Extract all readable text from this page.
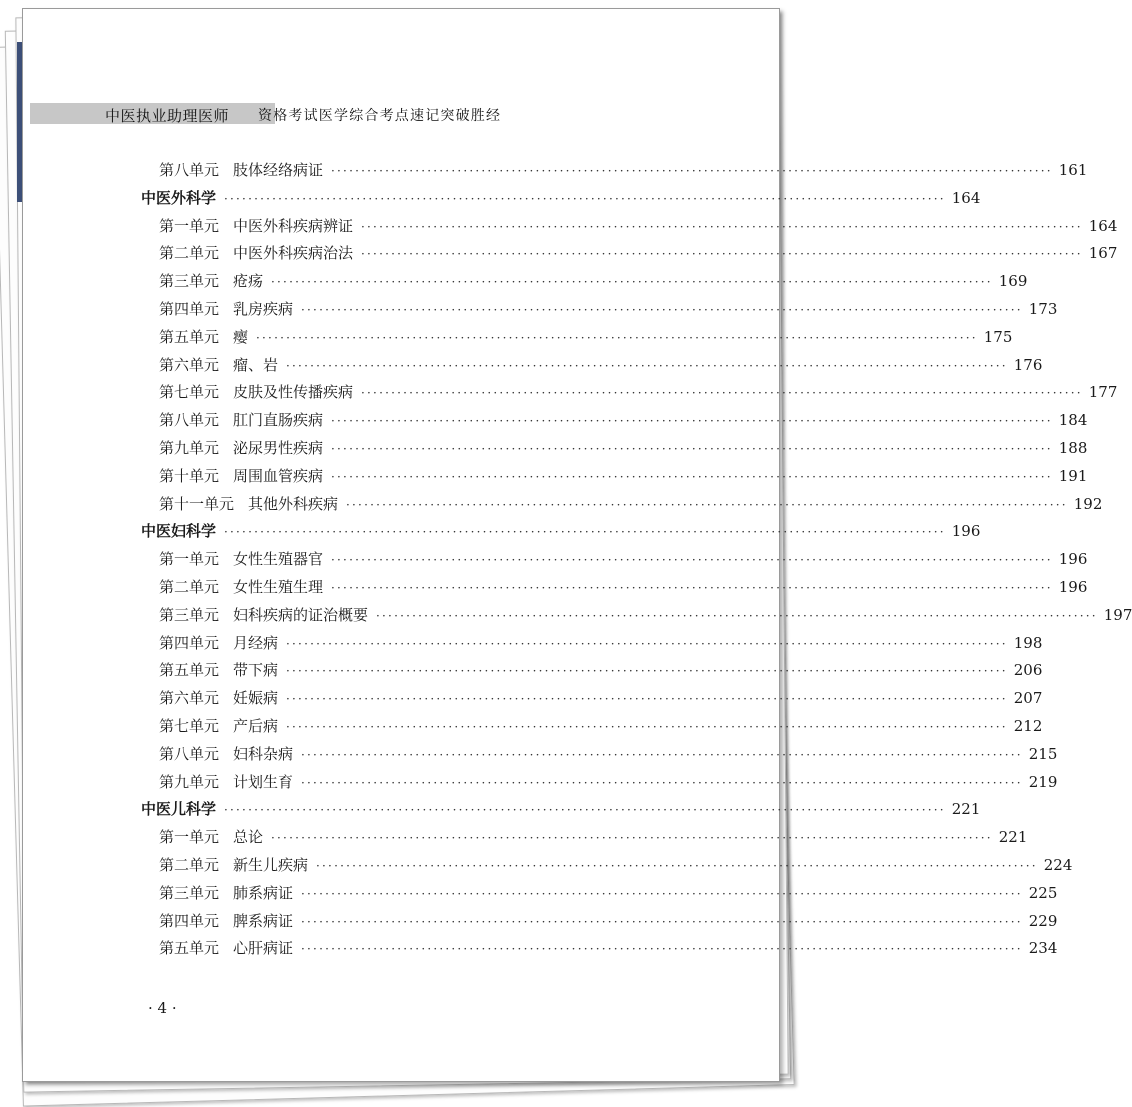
中医执业助理医师 资格考试医学综合考点速记突破胜经
第八单元 肢体经络病证 ························································································································ 161
中医外科学 ························································································································ 164
第一单元 中医外科疾病辨证 ························································································································ 164
第二单元 中医外科疾病治法 ························································································································ 167
第三单元 疮疡 ························································································································ 169
第四单元 乳房疾病 ························································································································ 173
第五单元 瘿 ························································································································ 175
第六单元 瘤、岩 ························································································································ 176
第七单元 皮肤及性传播疾病 ························································································································ 177
第八单元 肛门直肠疾病 ························································································································ 184
第九单元 泌尿男性疾病 ························································································································ 188
第十单元 周围血管疾病 ························································································································ 191
第十一单元 其他外科疾病 ························································································································ 192
中医妇科学 ························································································································ 196
第一单元 女性生殖器官 ························································································································ 196
第二单元 女性生殖生理 ························································································································ 196
第三单元 妇科疾病的证治概要 ························································································································ 197
第四单元 月经病 ························································································································ 198
第五单元 带下病 ························································································································ 206
第六单元 妊娠病 ························································································································ 207
第七单元 产后病 ························································································································ 212
第八单元 妇科杂病 ························································································································ 215
第九单元 计划生育 ························································································································ 219
中医儿科学 ························································································································ 221
第一单元 总论 ························································································································ 221
第二单元 新生儿疾病 ························································································································ 224
第三单元 肺系病证 ························································································································ 225
第四单元 脾系病证 ························································································································ 229
第五单元 心肝病证 ························································································································ 234
· 4 ·
